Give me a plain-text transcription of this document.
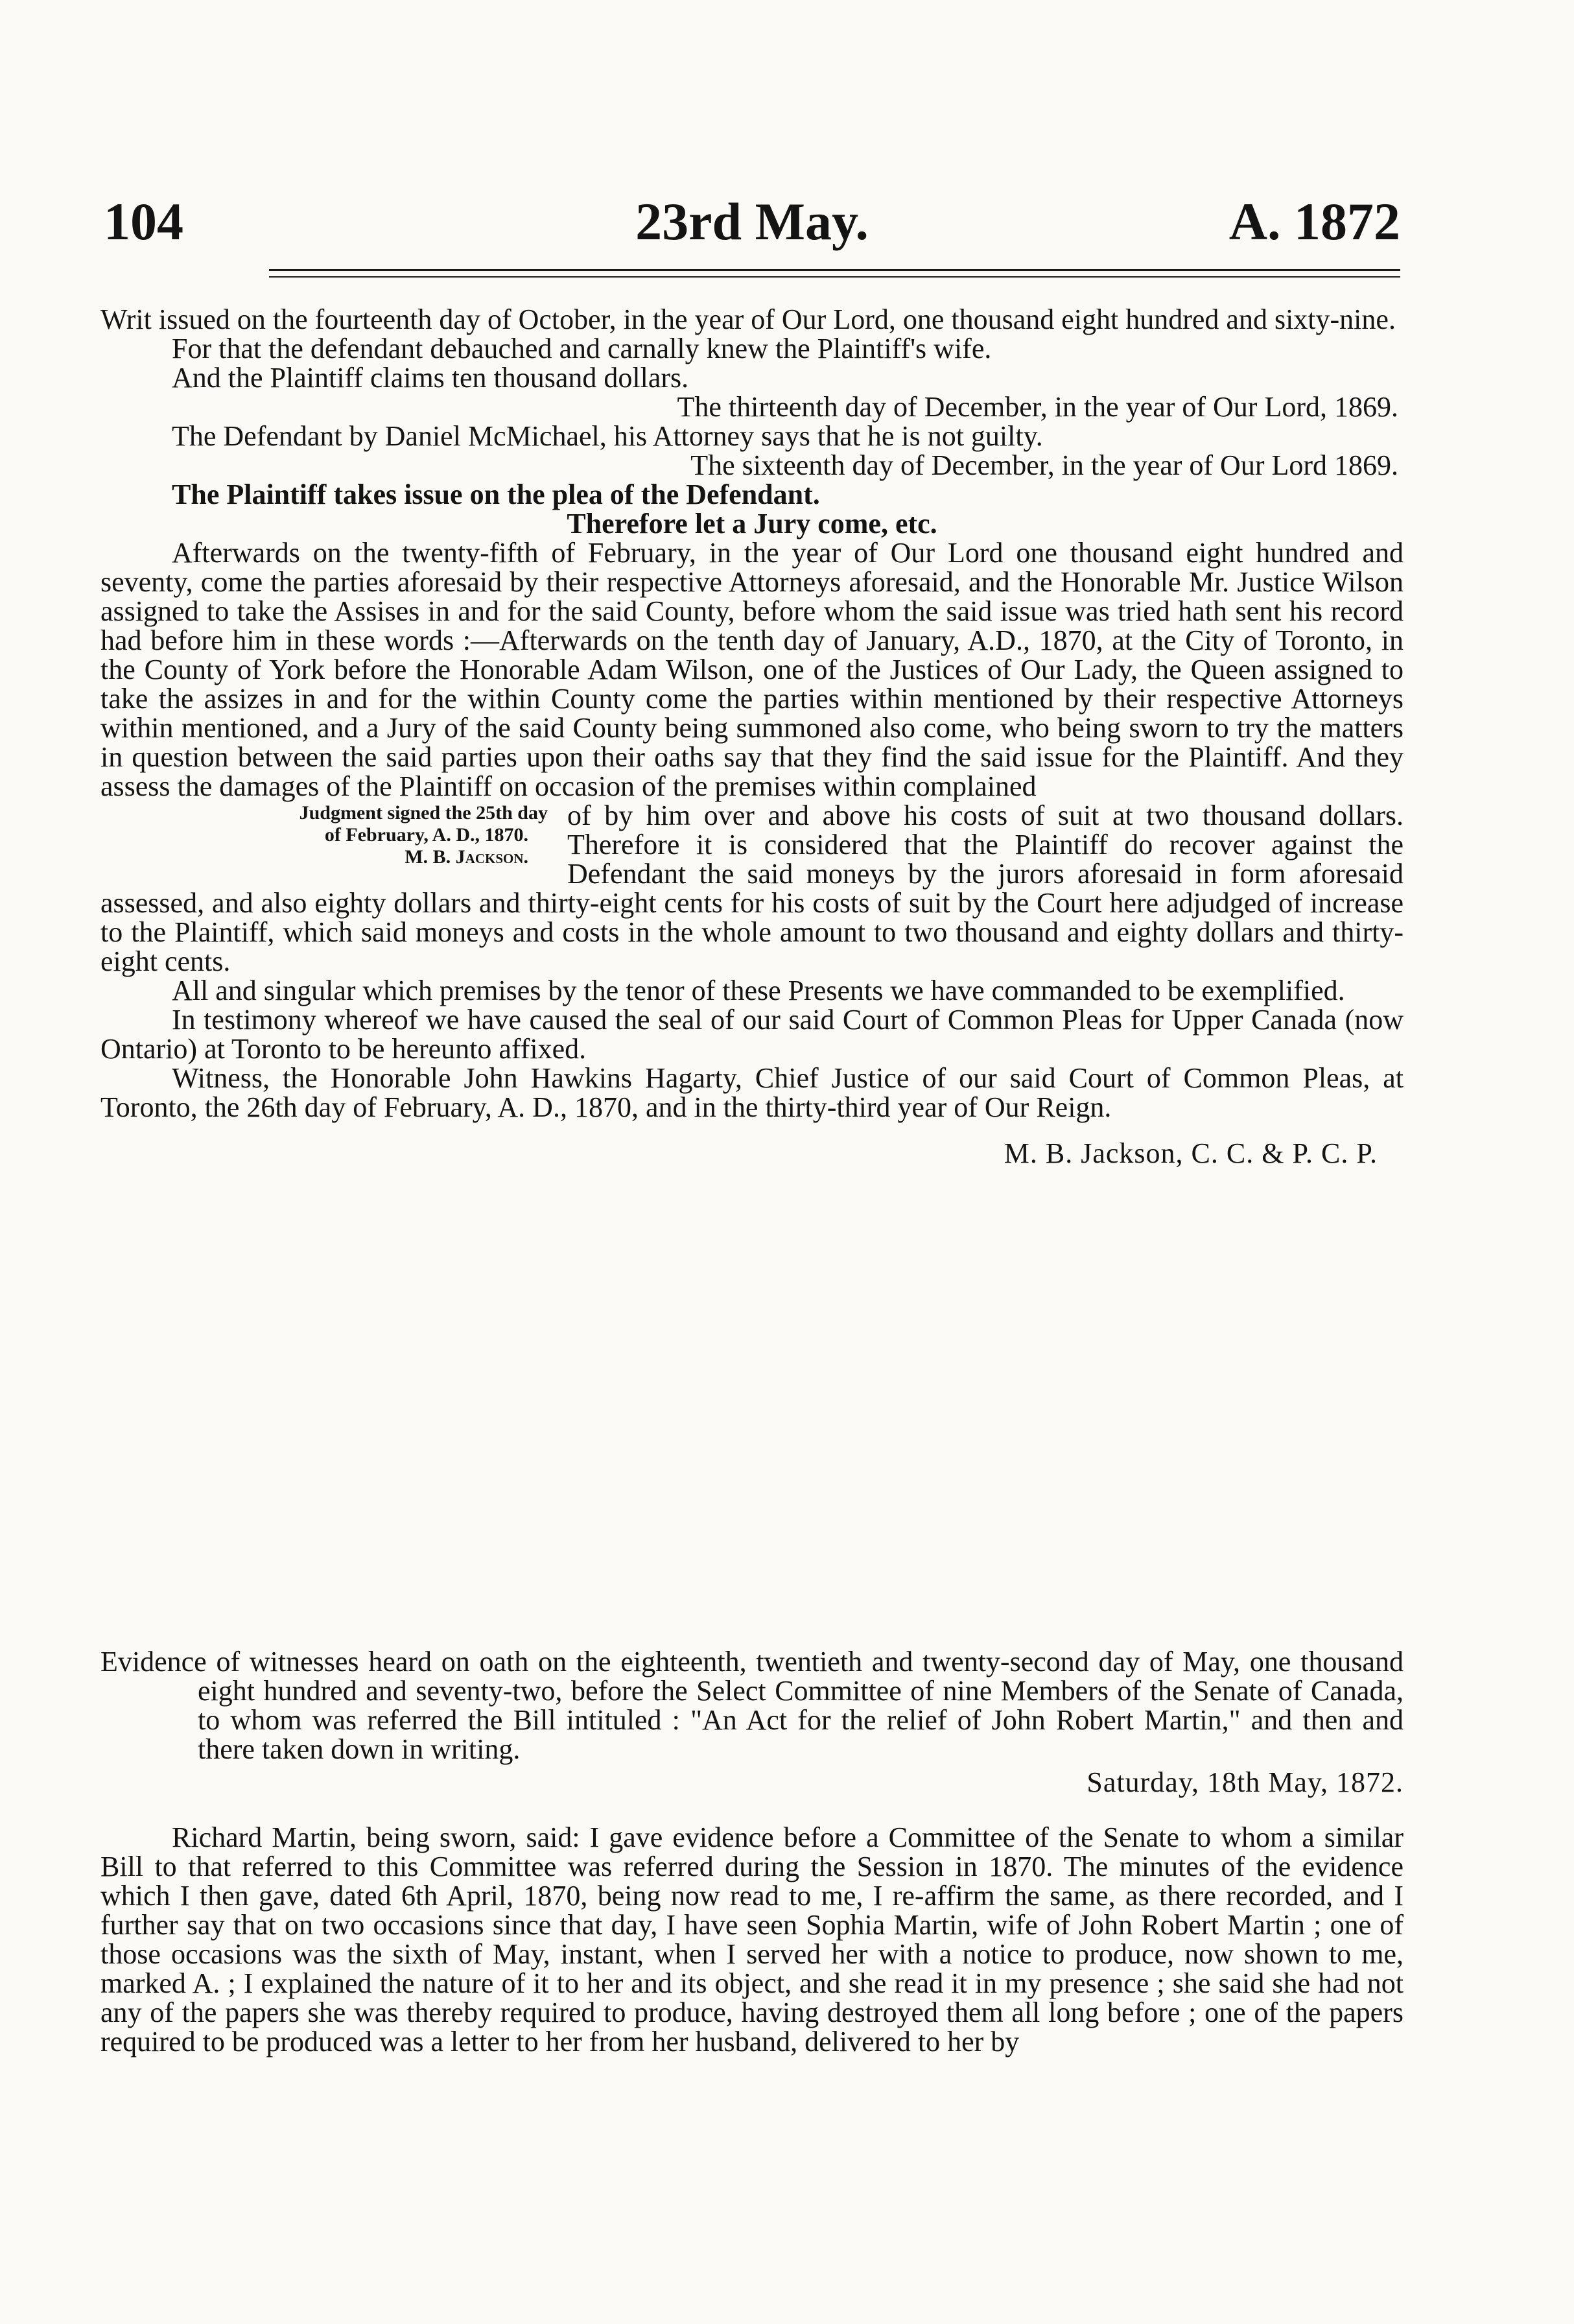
104	23rd May.	A. 1872

Writ issued on the fourteenth day of October, in the year of Our Lord, one thousand eight hundred and sixty-nine.

For that the defendant debauched and carnally knew the Plaintiff's wife.

And the Plaintiff claims ten thousand dollars.

The thirteenth day of December, in the year of Our Lord, 1869.

The Defendant by Daniel McMichael, his Attorney says that he is not guilty.

The sixteenth day of December, in the year of Our Lord 1869.

The Plaintiff takes issue on the plea of the Defendant.

Therefore let a Jury come, etc.

Afterwards on the twenty-fifth of February, in the year of Our Lord one thousand eight hundred and seventy, come the parties aforesaid by their respective Attorneys aforesaid, and the Honorable Mr. Justice Wilson assigned to take the Assises in and for the said County, before whom the said issue was tried hath sent his record had before him in these words :—Afterwards on the tenth day of January, A.D., 1870, at the City of Toronto, in the County of York before the Honorable Adam Wilson, one of the Justices of Our Lady, the Queen assigned to take the assizes in and for the within County come the parties within mentioned by their respective Attorneys within mentioned, and a Jury of the said County being summoned also come, who being sworn to try the matters in question between the said parties upon their oaths say that they find the said issue for the Plaintiff. And they assess the damages of the Plaintiff on occasion of the premises within complained

Judgment signed the 25th day
of February, A. D., 1870.
M. B. Jackson.

of by him over and above his costs of suit at two thousand dollars. Therefore it is considered that the Plaintiff do recover against the Defendant the said moneys by the jurors aforesaid in form aforesaid assessed, and also eighty dollars and thirty-eight cents for his costs of suit by the Court here adjudged of increase to the Plaintiff, which said moneys and costs in the whole amount to two thousand and eighty dollars and thirty-eight cents.

All and singular which premises by the tenor of these Presents we have commanded to be exemplified.

In testimony whereof we have caused the seal of our said Court of Common Pleas for Upper Canada (now Ontario) at Toronto to be hereunto affixed.

Witness, the Honorable John Hawkins Hagarty, Chief Justice of our said Court of Common Pleas, at Toronto, the 26th day of February, A. D., 1870, and in the thirty-third year of Our Reign.

M. B. Jackson, C. C. & P. C. P.

Evidence of witnesses heard on oath on the eighteenth, twentieth and twenty-second day of May, one thousand eight hundred and seventy-two, before the Select Committee of nine Members of the Senate of Canada, to whom was referred the Bill intituled : "An Act for the relief of John Robert Martin," and then and there taken down in writing.

Saturday, 18th May, 1872.

Richard Martin, being sworn, said: I gave evidence before a Committee of the Senate to whom a similar Bill to that referred to this Committee was referred during the Session in 1870. The minutes of the evidence which I then gave, dated 6th April, 1870, being now read to me, I re-affirm the same, as there recorded, and I further say that on two occasions since that day, I have seen Sophia Martin, wife of John Robert Martin ; one of those occasions was the sixth of May, instant, when I served her with a notice to produce, now shown to me, marked A. ; I explained the nature of it to her and its object, and she read it in my presence ; she said she had not any of the papers she was thereby required to produce, having destroyed them all long before ; one of the papers required to be produced was a letter to her from her husband, delivered to her by
